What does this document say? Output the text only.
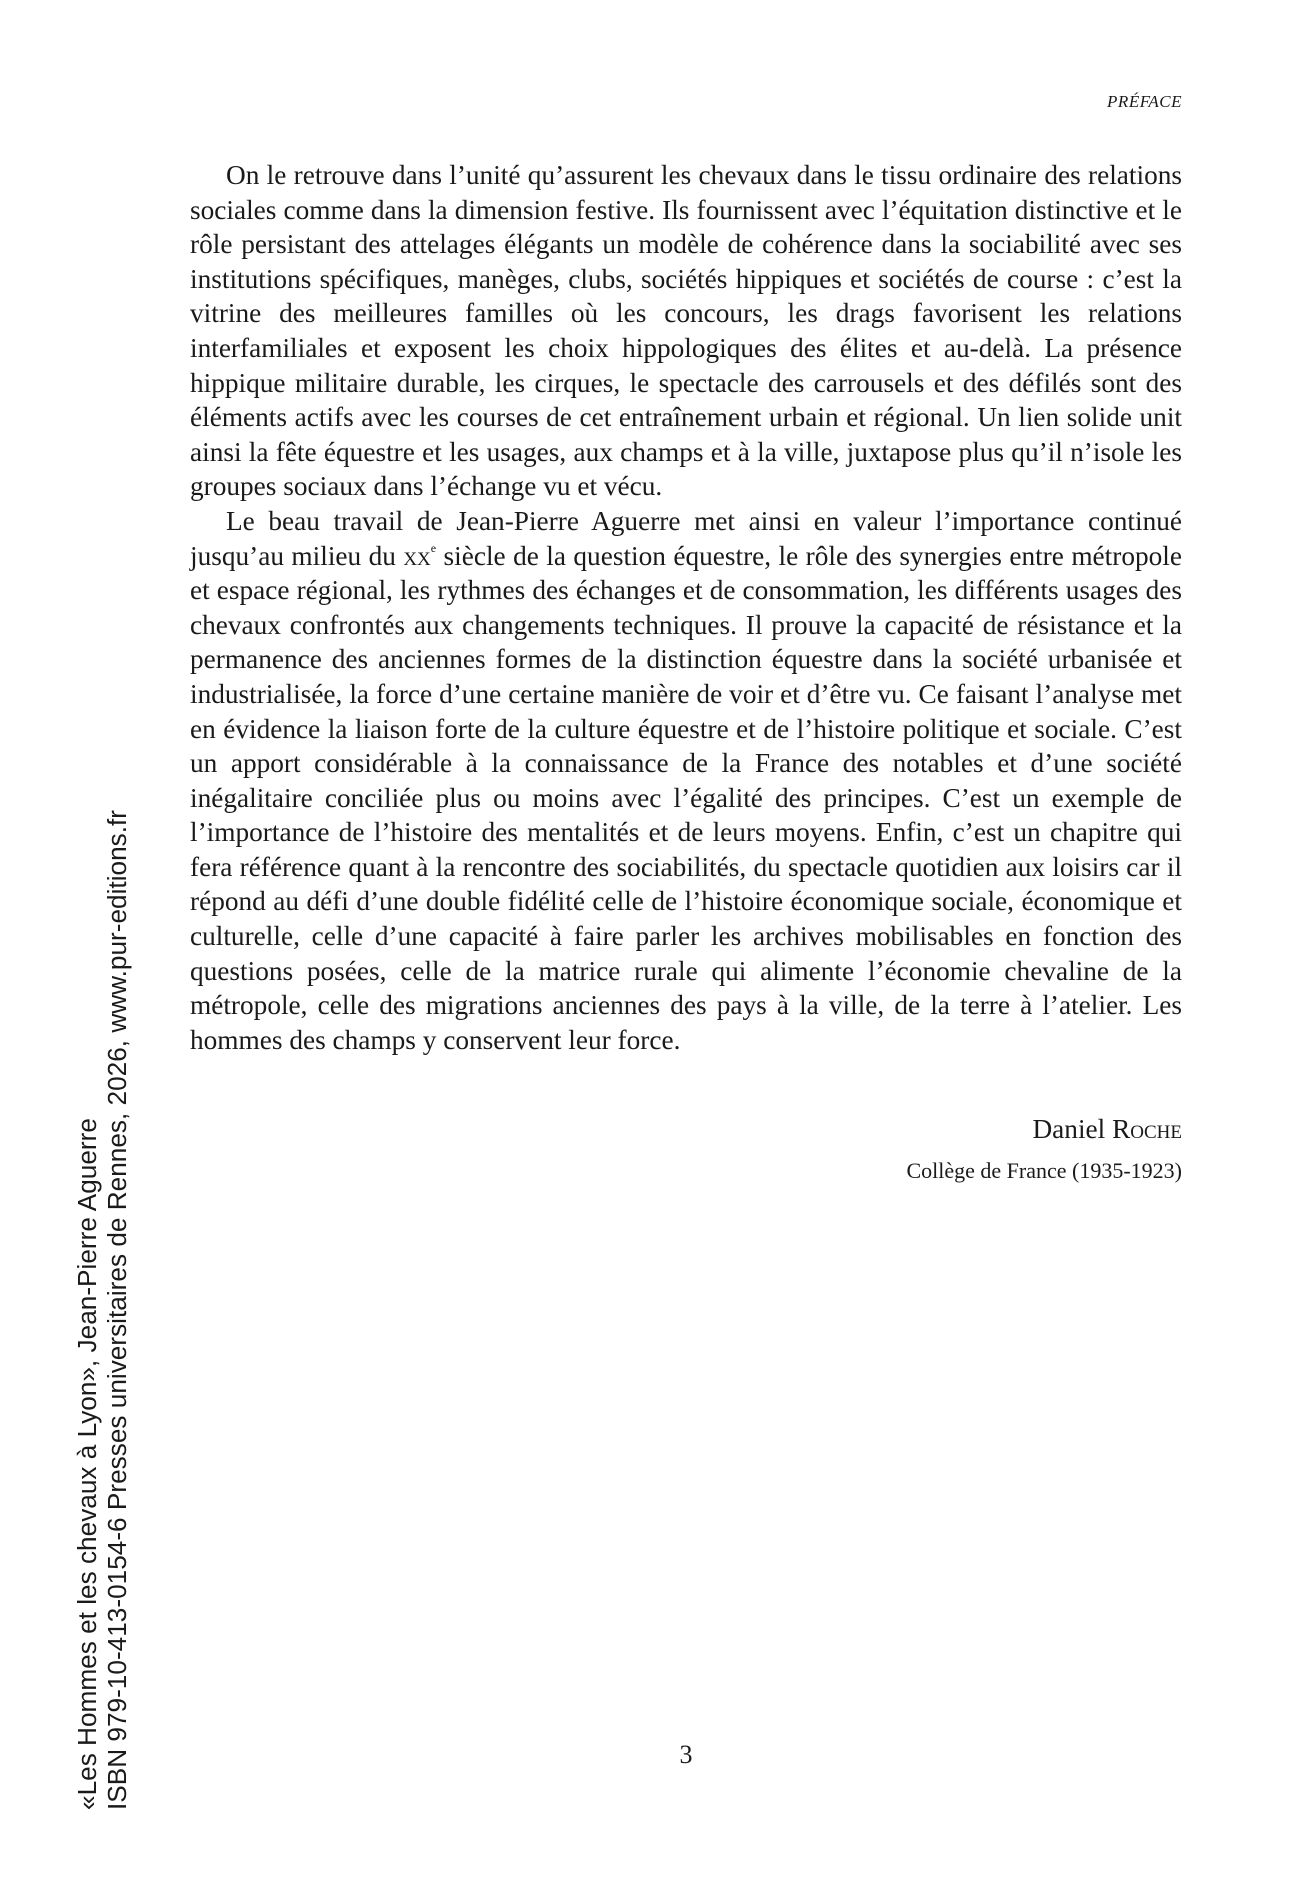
PRÉFACE

On le retrouve dans l’unité qu’assurent les chevaux dans le tissu ordinaire des relations sociales comme dans la dimension festive. Ils fournissent avec l’équitation distinctive et le rôle persistant des attelages élégants un modèle de cohérence dans la sociabilité avec ses institutions spécifiques, manèges, clubs, sociétés hippiques et sociétés de course : c’est la vitrine des meilleures familles où les concours, les drags favorisent les relations interfamiliales et exposent les choix hippologiques des élites et au-delà. La présence hippique militaire durable, les cirques, le spectacle des carrousels et des défilés sont des éléments actifs avec les courses de cet entraînement urbain et régional. Un lien solide unit ainsi la fête équestre et les usages, aux champs et à la ville, juxtapose plus qu’il n’isole les groupes sociaux dans l’échange vu et vécu.

Le beau travail de Jean-Pierre Aguerre met ainsi en valeur l’importance continué jusqu’au milieu du $xx^e$ siècle de la question équestre, le rôle des synergies entre métropole et espace régional, les rythmes des échanges et de consommation, les différents usages des chevaux confrontés aux changements techniques. Il prouve la capacité de résistance et la permanence des anciennes formes de la distinction équestre dans la société urbanisée et industrialisée, la force d’une certaine manière de voir et d’être vu. Ce faisant l’analyse met en évidence la liaison forte de la culture équestre et de l’histoire politique et sociale. C’est un apport considérable à la connaissance de la France des notables et d’une société inégalitaire conciliée plus ou moins avec l’égalité des principes. C’est un exemple de l’importance de l’histoire des mentalités et de leurs moyens. Enfin, c’est un chapitre qui fera référence quant à la rencontre des sociabilités, du spectacle quotidien aux loisirs car il répond au défi d’une double fidélité celle de l’histoire économique sociale, économique et culturelle, celle d’une capacité à faire parler les archives mobilisables en fonction des questions posées, celle de la matrice rurale qui alimente l’économie chevaline de la métropole, celle des migrations anciennes des pays à la ville, de la terre à l’atelier. Les hommes des champs y conservent leur force.

Daniel Roche
Collège de France (1935-1923)
3
«Les Hommes et les chevaux à Lyon», Jean-Pierre Aguerre ISBN 979-10-413-0154-6 Presses universitaires de Rennes, 2026, www.pur-editions.fr
